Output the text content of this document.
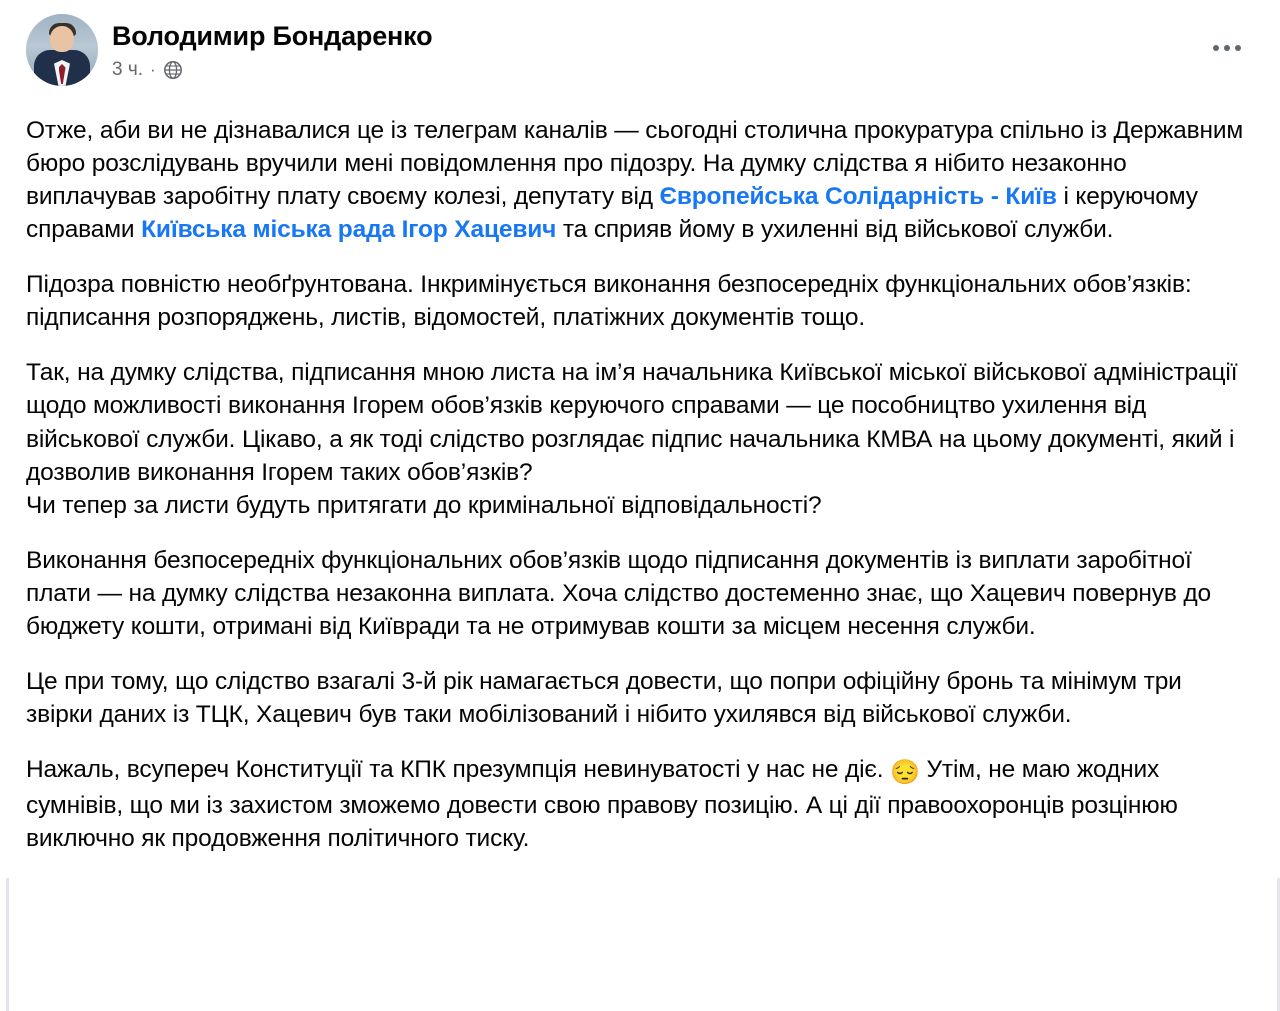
Володимир Бондаренко
3 ч. ·

Отже, аби ви не дізнавалися це із телеграм каналів — сьогодні столична прокуратура спільно із Державним бюро розслідувань вручили мені повідомлення про підозру. На думку слідства я нібито незаконно виплачував заробітну плату своєму колезі, депутату від Європейська Солідарність - Київ і керуючому справами Київська міська рада Ігор Хацевич та сприяв йому в ухиленні від військової служби.

Підозра повністю необґрунтована. Інкримінується виконання безпосередніх функціональних обов’язків: підписання розпоряджень, листів, відомостей, платіжних документів тощо.

Так, на думку слідства, підписання мною листа на ім’я начальника Київської міської військової адміністрації щодо можливості виконання Ігорем обов’язків керуючого справами — це пособництво ухилення від військової служби. Цікаво, а як тоді слідство розглядає підпис начальника КМВА на цьому документі, який і дозволив виконання Ігорем таких обов’язків?

Чи тепер за листи будуть притягати до кримінальної відповідальності?

Виконання безпосередніх функціональних обов’язків щодо підписання документів із виплати заробітної плати — на думку слідства незаконна виплата. Хоча слідство достеменно знає, що Хацевич повернув до бюджету кошти, отримані від Київради та не отримував кошти за місцем несення служби.

Це при тому, що слідство взагалі 3-й рік намагається довести, що попри офіційну бронь та мінімум три звірки даних із ТЦК, Хацевич був таки мобілізований і нібито ухилявся від військової служби.

Нажаль, всупереч Конституції та КПК презумпція невинуватості у нас не діє. 😔 Утім, не маю жодних сумнівів, що ми із захистом зможемо довести свою правову позицію. А ці дії правоохоронців розцінюю виключно як продовження політичного тиску.
